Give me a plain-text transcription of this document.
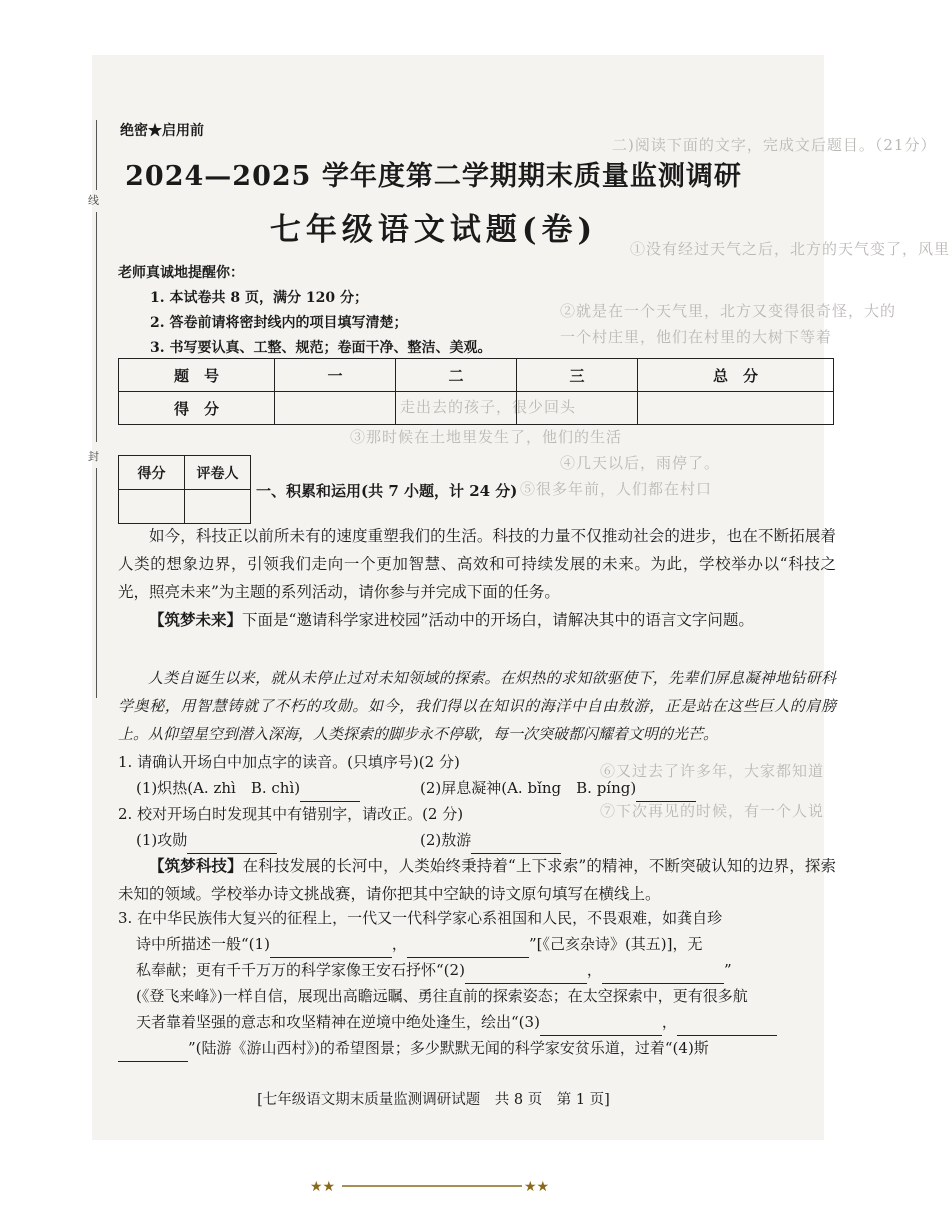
二)阅读下面的文字，完成文后题目。（21分）
①没有经过天气之后，北方的天气变了，风里
②就是在一个天气里，北方又变得很奇怪，大的
一个村庄里，他们在村里的大树下等着
走出去的孩子，很少回头
③那时候在土地里发生了，他们的生活
④几天以后，雨停了。
⑤很多年前，人们都在村口
⑥又过去了许多年，大家都知道
⑦下次再见的时候，有一个人说
线
封
绝密★启用前
2024—2025 学年度第二学期期末质量监测调研
七年级语文试题(卷)
老师真诚地提醒你：
1. 本试卷共 8 页，满分 120 分；
2. 答卷前请将密封线内的项目填写清楚；
3. 书写要认真、工整、规范；卷面干净、整洁、美观。
题　号	一	二	三	总　分
得　分				
得分	评卷人

一、积累和运用(共 7 小题，计 24 分)
如今，科技正以前所未有的速度重塑我们的生活。科技的力量不仅推动社会的进步，也在不断拓展着人类的想象边界，引领我们走向一个更加智慧、高效和可持续发展的未来。为此，学校举办以“科技之光，照亮未来”为主题的系列活动，请你参与并完成下面的任务。
【筑梦未来】下面是“邀请科学家进校园”活动中的开场白，请解决其中的语言文字问题。
人类自诞生以来，就从未停止过对未知领域的探索。在炽热的求知欲驱使下，先辈们屏息凝神地钻研科学奥秘，用智慧铸就了不朽的攻勋。如今，我们得以在知识的海洋中自由敖游，正是站在这些巨人的肩膀上。从仰望星空到潜入深海，人类探索的脚步永不停歇，每一次突破都闪耀着文明的光芒。
1. 请确认开场白中加点字的读音。(只填序号)(2 分)
(1)炽热(A. zhì　B. chì)	(2)屏息凝神(A. bǐng　B. píng)
2. 校对开场白时发现其中有错别字，请改正。(2 分)
(1)攻勋	(2)敖游
【筑梦科技】在科技发展的长河中，人类始终秉持着“上下求索”的精神，不断突破认知的边界，探索未知的领域。学校举办诗文挑战赛，请你把其中空缺的诗文原句填写在横线上。
3. 在中华民族伟大复兴的征程上，一代又一代科学家心系祖国和人民，不畏艰难，如龚自珍
诗中所描述一般“(1)	，	”[《己亥杂诗》(其五)]，无
私奉献；更有千千万万的科学家像王安石抒怀“(2)	，	”
(《登飞来峰》)一样自信，展现出高瞻远瞩、勇往直前的探索姿态；在太空探索中，更有很多航
天者靠着坚强的意志和攻坚精神在逆境中绝处逢生，绘出“(3)	，
”(陆游《游山西村》)的希望图景；多少默默无闻的科学家安贫乐道，过着“(4)斯
[七年级语文期末质量监测调研试题　共 8 页　第 1 页]
★★	★★
